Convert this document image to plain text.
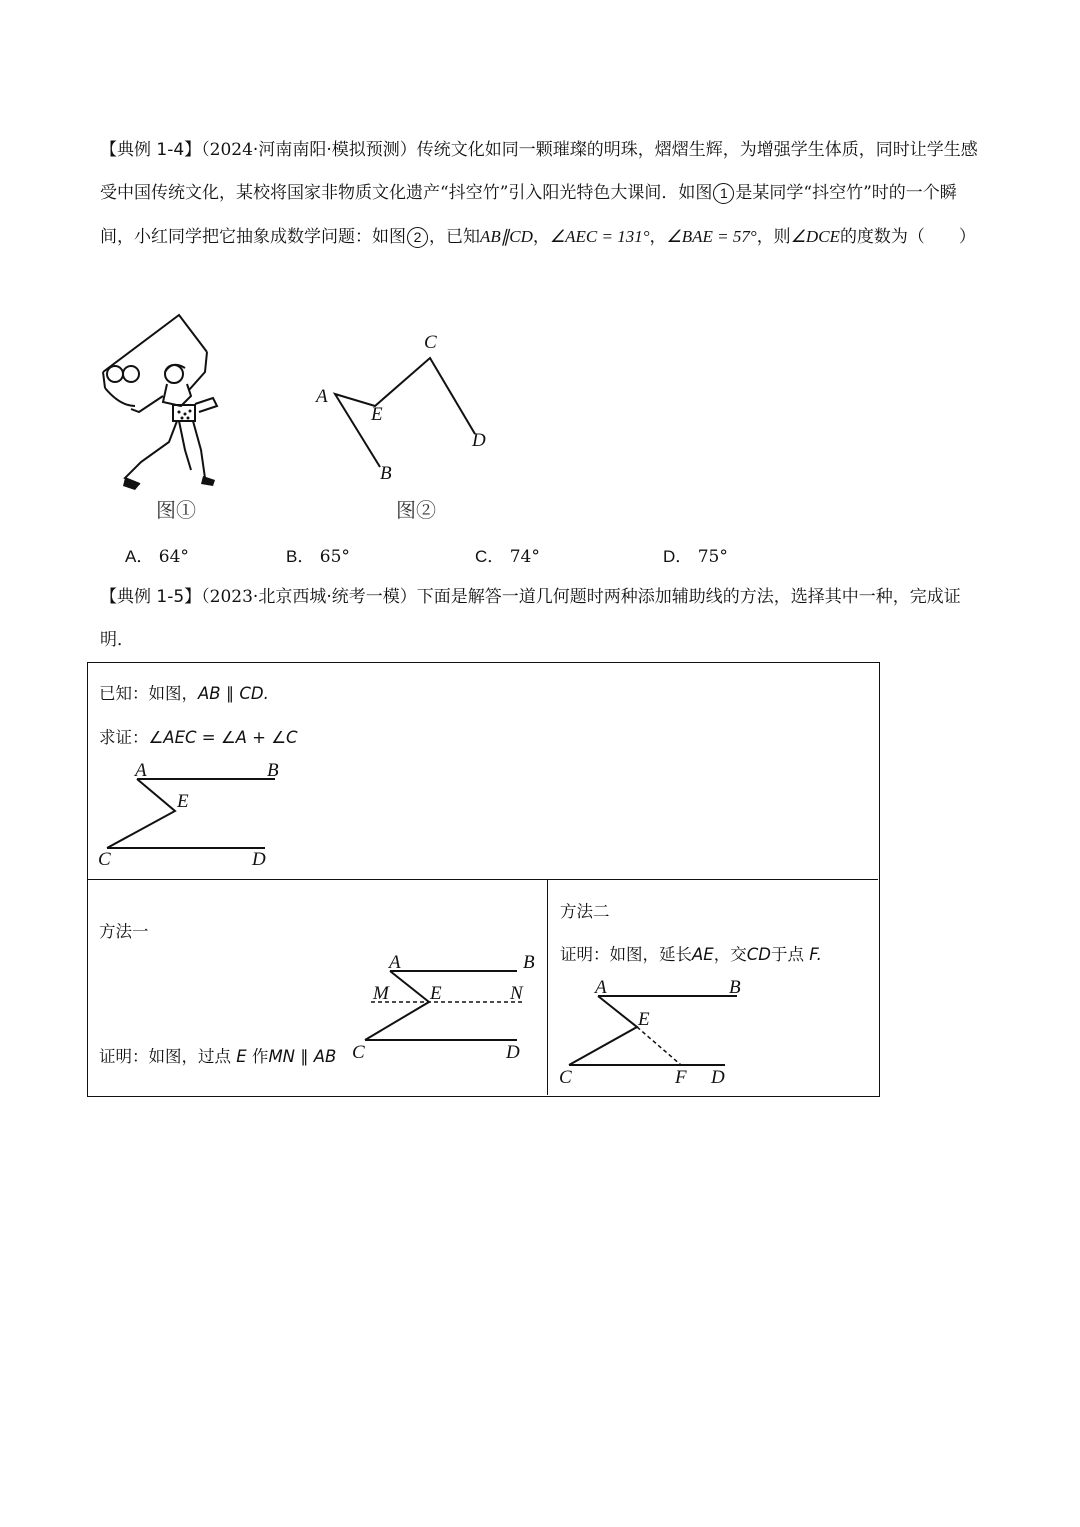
【典例 1-4】（2024·河南南阳·模拟预测）传统文化如同一颗璀璨的明珠，熠熠生辉，为增强学生体质，同时让学生感受中国传统文化，某校将国家非物质文化遗产“抖空竹”引入阳光特色大课间．如图 1 是某同学“抖空竹”时的一个瞬间，小红同学把它抽象成数学问题：如图 2 ，已知AB∥CD，∠AEC = 131°，∠BAE = 57°，则∠DCE的度数为（　　）
图①
A
B
C
D
E
图②
A． 64°	B． 65°	C． 74°	D． 75°
【典例 1-5】（2023·北京西城·统考一模）下面是解答一道几何题时两种添加辅助线的方法，选择其中一种，完成证明．
已知：如图，AB ∥ CD.
求证：∠AEC = ∠A + ∠C
A	B
C	D
E
方法一
证明：如图，过点 E 作MN ∥ AB
A	B
C	D
E
M	N
方法二
证明：如图，延长AE，交CD于点 F.
A	B
C	D
E
F
